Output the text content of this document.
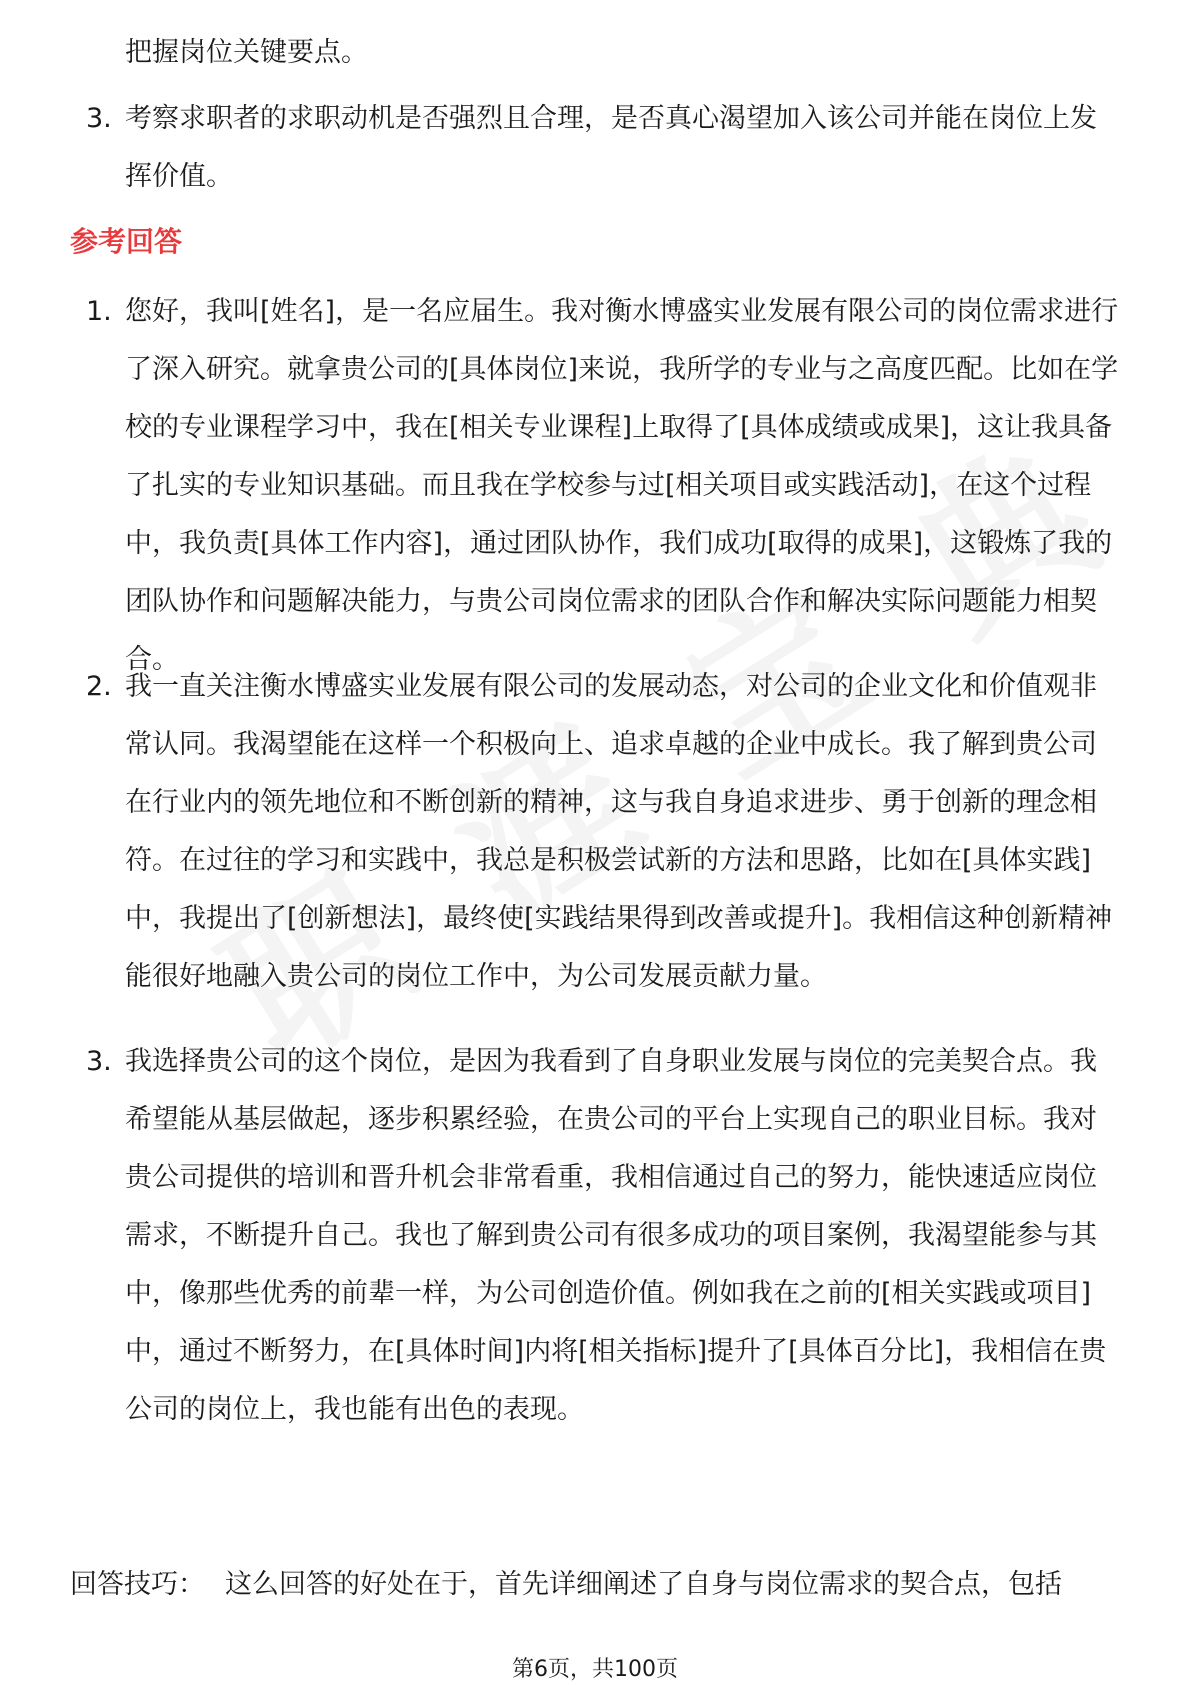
把握岗位关键要点。
3. 考察求职者的求职动机是否强烈且合理，是否真心渴望加入该公司并能在岗位上发挥价值。
参考回答
1. 您好，我叫[姓名]，是一名应届生。我对衡水博盛实业发展有限公司的岗位需求进行了深入研究。就拿贵公司的[具体岗位]来说，我所学的专业与之高度匹配。比如在学校的专业课程学习中，我在[相关专业课程]上取得了[具体成绩或成果]，这让我具备了扎实的专业知识基础。而且我在学校参与过[相关项目或实践活动]，在这个过程中，我负责[具体工作内容]，通过团队协作，我们成功[取得的成果]，这锻炼了我的团队协作和问题解决能力，与贵公司岗位需求的团队合作和解决实际问题能力相契合。
2. 我一直关注衡水博盛实业发展有限公司的发展动态，对公司的企业文化和价值观非常认同。我渴望能在这样一个积极向上、追求卓越的企业中成长。我了解到贵公司在行业内的领先地位和不断创新的精神，这与我自身追求进步、勇于创新的理念相符。在过往的学习和实践中，我总是积极尝试新的方法和思路，比如在[具体实践]中，我提出了[创新想法]，最终使[实践结果得到改善或提升]。我相信这种创新精神能很好地融入贵公司的岗位工作中，为公司发展贡献力量。
3. 我选择贵公司的这个岗位，是因为我看到了自身职业发展与岗位的完美契合点。我希望能从基层做起，逐步积累经验，在贵公司的平台上实现自己的职业目标。我对贵公司提供的培训和晋升机会非常看重，我相信通过自己的努力，能快速适应岗位需求，不断提升自己。我也了解到贵公司有很多成功的项目案例，我渴望能参与其中，像那些优秀的前辈一样，为公司创造价值。例如我在之前的[相关实践或项目]中，通过不断努力，在[具体时间]内将[相关指标]提升了[具体百分比]，我相信在贵公司的岗位上，我也能有出色的表现。
回答技巧： 这么回答的好处在于，首先详细阐述了自身与岗位需求的契合点，包括
第6页，共100页
